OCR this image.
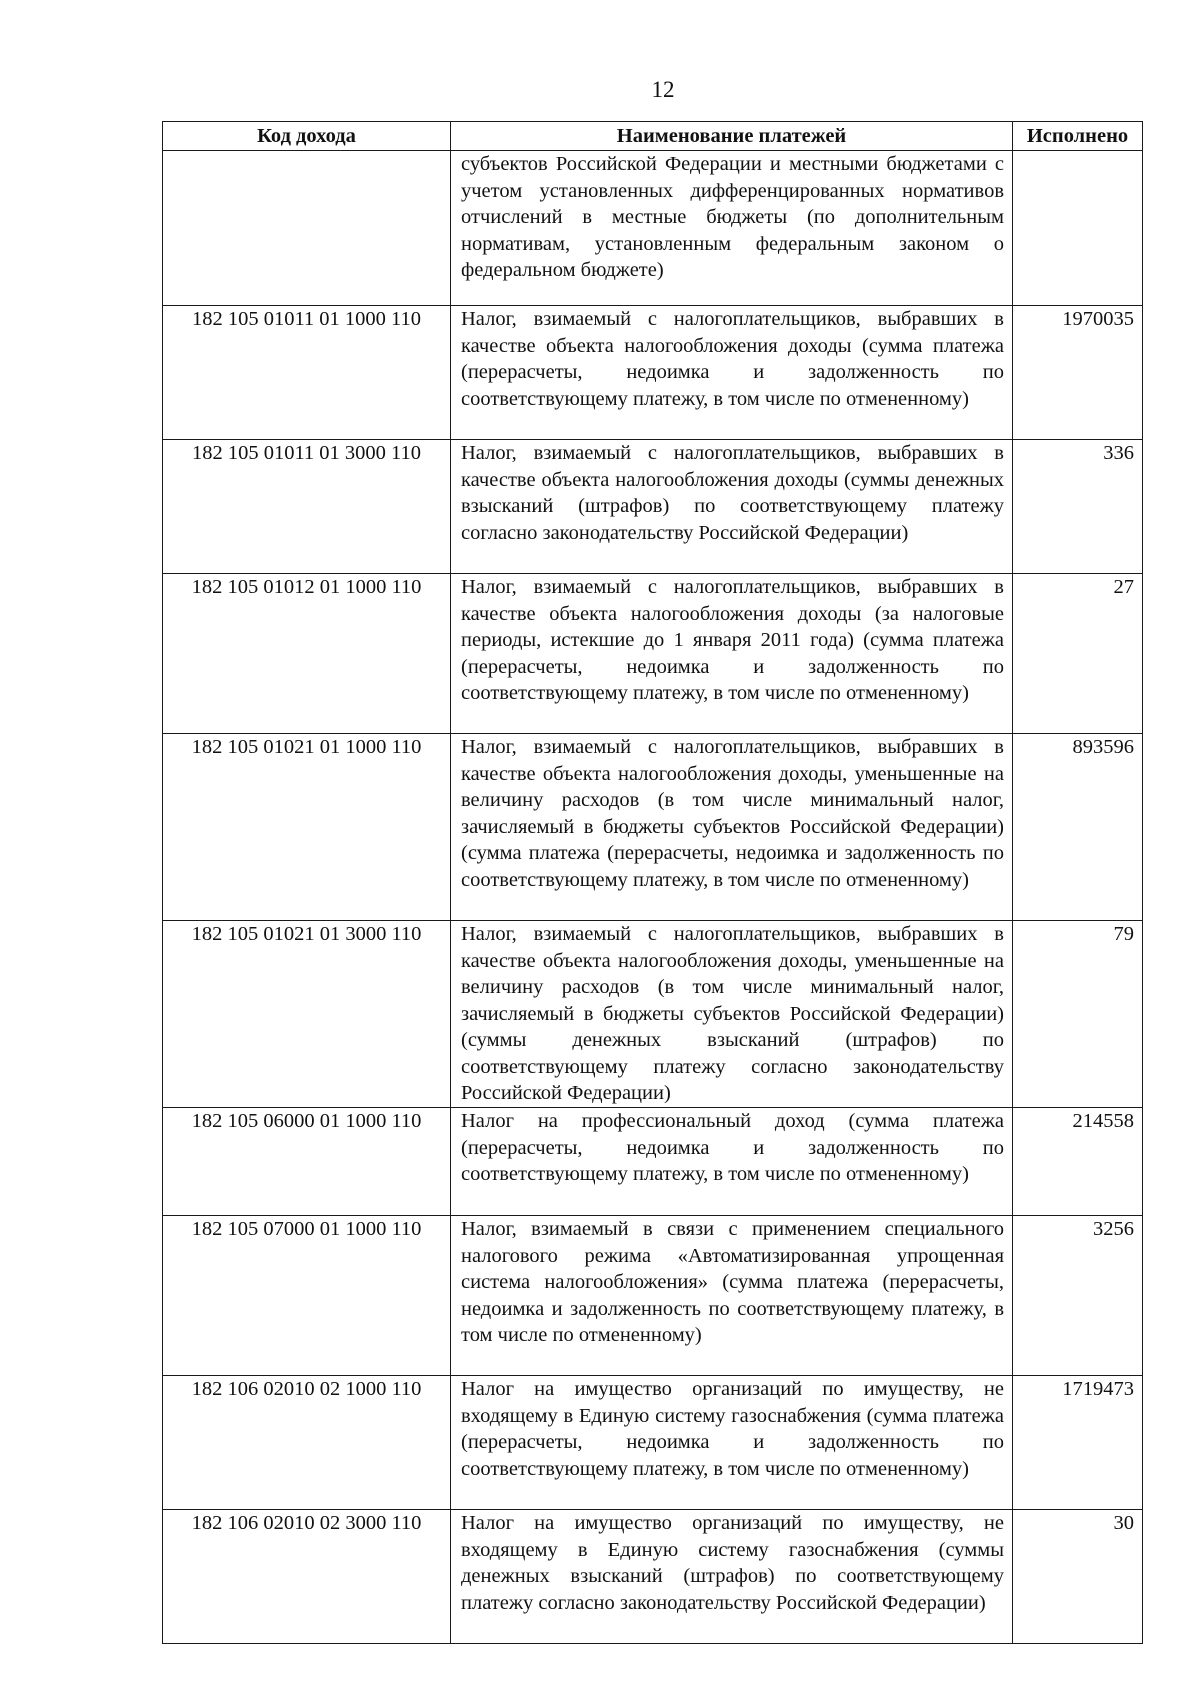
12
Код дохода	Наименование платежей	Исполнено
	субъектов Российской Федерации и местными бюджетами с учетом установленных дифференцированных нормативов отчислений в местные бюджеты (по дополнительным нормативам, установленным федеральным законом о федеральном бюджете)	
182 105 01011 01 1000 110	Налог, взимаемый с налогоплательщиков, выбравших в качестве объекта налогообложения доходы (сумма платежа (перерасчеты, недоимка и задолженность по соответствующему платежу, в том числе по отмененному)	1970035
182 105 01011 01 3000 110	Налог, взимаемый с налогоплательщиков, выбравших в качестве объекта налогообложения доходы (суммы денежных взысканий (штрафов) по соответствующему платежу согласно законодательству Российской Федерации)	336
182 105 01012 01 1000 110	Налог, взимаемый с налогоплательщиков, выбравших в качестве объекта налогообложения доходы (за налоговые периоды, истекшие до 1 января 2011 года) (сумма платежа (перерасчеты, недоимка и задолженность по соответствующему платежу, в том числе по отмененному)	27
182 105 01021 01 1000 110	Налог, взимаемый с налогоплательщиков, выбравших в качестве объекта налогообложения доходы, уменьшенные на величину расходов (в том числе минимальный налог, зачисляемый в бюджеты субъектов Российской Федерации) (сумма платежа (перерасчеты, недоимка и задолженность по соответствующему платежу, в том числе по отмененному)	893596
182 105 01021 01 3000 110	Налог, взимаемый с налогоплательщиков, выбравших в качестве объекта налогообложения доходы, уменьшенные на величину расходов (в том числе минимальный налог, зачисляемый в бюджеты субъектов Российской Федерации) (суммы денежных взысканий (штрафов) по соответствующему платежу согласно законодательству Российской Федерации)	79
182 105 06000 01 1000 110	Налог на профессиональный доход (сумма платежа (перерасчеты, недоимка и задолженность по соответствующему платежу, в том числе по отмененному)	214558
182 105 07000 01 1000 110	Налог, взимаемый в связи с применением специального налогового режима «Автоматизированная упрощенная система налогообложения» (сумма платежа (перерасчеты, недоимка и задолженность по соответствующему платежу, в том числе по отмененному)	3256
182 106 02010 02 1000 110	Налог на имущество организаций по имуществу, не входящему в Единую систему газоснабжения (сумма платежа (перерасчеты, недоимка и задолженность по соответствующему платежу, в том числе по отмененному)	1719473
182 106 02010 02 3000 110	Налог на имущество организаций по имуществу, не входящему в Единую систему газоснабжения (суммы денежных взысканий (штрафов) по соответствующему платежу согласно законодательству Российской Федерации)	30
